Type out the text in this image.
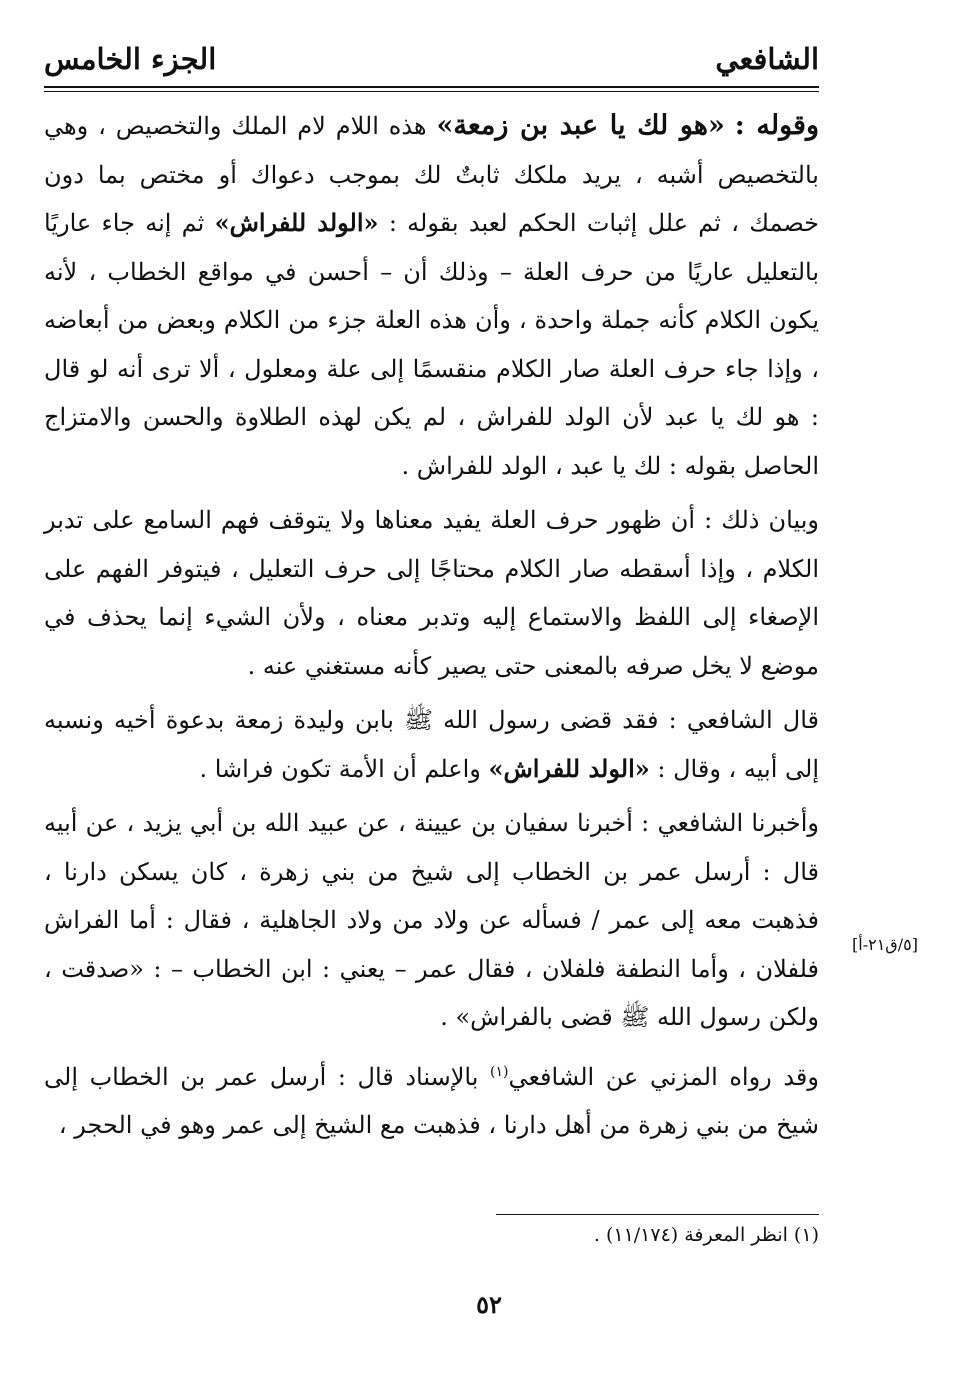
الشافعي
الجزء الخامس

وقوله : «هو لك يا عبد بن زمعة» هذه اللام لام الملك والتخصيص ، وهي بالتخصيص أشبه ، يريد ملكك ثابتٌ لك بموجب دعواك أو مختص بما دون خصمك ، ثم علل إثبات الحكم لعبد بقوله : «الولد للفراش» ثم إنه جاء عاريًا بالتعليل عاريًا من حرف العلة – وذلك أن – أحسن في مواقع الخطاب ، لأنه يكون الكلام كأنه جملة واحدة ، وأن هذه العلة جزء من الكلام وبعض من أبعاضه ، وإذا جاء حرف العلة صار الكلام منقسمًا إلى علة ومعلول ، ألا ترى أنه لو قال : هو لك يا عبد لأن الولد للفراش ، لم يكن لهذه الطلاوة والحسن والامتزاج الحاصل بقوله : لك يا عبد ، الولد للفراش .

وبيان ذلك : أن ظهور حرف العلة يفيد معناها ولا يتوقف فهم السامع على تدبر الكلام ، وإذا أسقطه صار الكلام محتاجًا إلى حرف التعليل ، فيتوفر الفهم على الإصغاء إلى اللفظ والاستماع إليه وتدبر معناه ، ولأن الشيء إنما يحذف في موضع لا يخل صرفه بالمعنى حتى يصير كأنه مستغني عنه .

قال الشافعي : فقد قضى رسول الله ﷺ بابن وليدة زمعة بدعوة أخيه ونسبه إلى أبيه ، وقال : «الولد للفراش» واعلم أن الأمة تكون فراشا .

وأخبرنا الشافعي : أخبرنا سفيان بن عيينة ، عن عبيد الله بن أبي يزيد ، عن أبيه قال : أرسل عمر بن الخطاب إلى شيخ من بني زهرة ، كان يسكن دارنا ، فذهبت معه إلى عمر / فسأله عن ولاد من ولاد الجاهلية ، فقال : أما الفراش فلفلان ، وأما النطفة فلفلان ، فقال عمر – يعني : ابن الخطاب – : «صدقت ، ولكن رسول الله ﷺ قضى بالفراش» .

وقد رواه المزني عن الشافعي$^{(١)}$ بالإسناد قال : أرسل عمر بن الخطاب إلى شيخ من بني زهرة من أهل دارنا ، فذهبت مع الشيخ إلى عمر وهو في الحجر ،

[٥/ق٢١-أ]
(١) انظر المعرفة (١١/١٧٤) .
٥٢
